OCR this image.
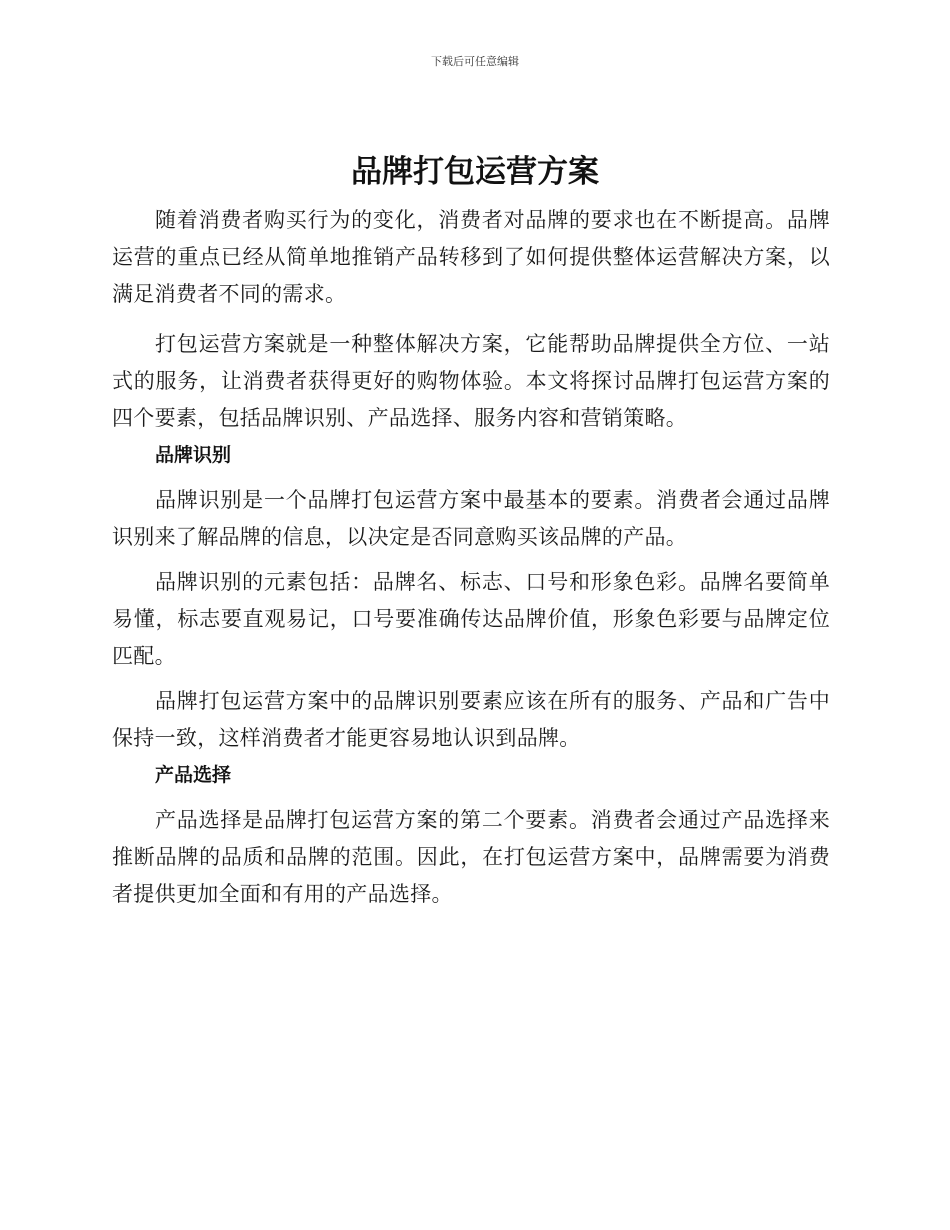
下载后可任意编辑
品牌打包运营方案

随着消费者购买行为的变化，消费者对品牌的要求也在不断提高。品牌运营的重点已经从简单地推销产品转移到了如何提供整体运营解决方案，以满足消费者不同的需求。

打包运营方案就是一种整体解决方案，它能帮助品牌提供全方位、一站式的服务，让消费者获得更好的购物体验。本文将探讨品牌打包运营方案的四个要素，包括品牌识别、产品选择、服务内容和营销策略。

品牌识别

品牌识别是一个品牌打包运营方案中最基本的要素。消费者会通过品牌识别来了解品牌的信息，以决定是否同意购买该品牌的产品。

品牌识别的元素包括：品牌名、标志、口号和形象色彩。品牌名要简单易懂，标志要直观易记，口号要准确传达品牌价值，形象色彩要与品牌定位匹配。

品牌打包运营方案中的品牌识别要素应该在所有的服务、产品和广告中保持一致，这样消费者才能更容易地认识到品牌。

产品选择

产品选择是品牌打包运营方案的第二个要素。消费者会通过产品选择来推断品牌的品质和品牌的范围。因此，在打包运营方案中，品牌需要为消费者提供更加全面和有用的产品选择。
